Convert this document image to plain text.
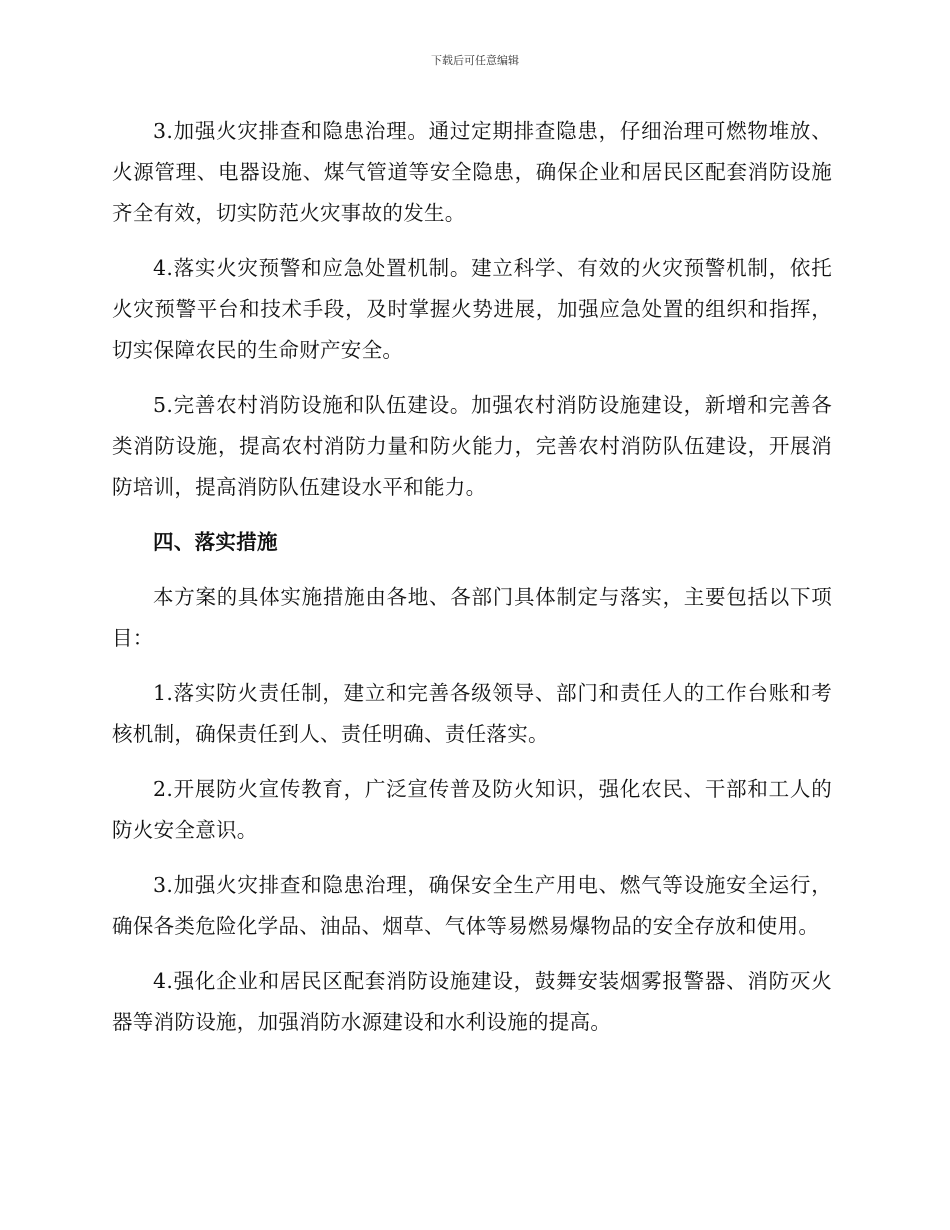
下载后可任意编辑

3.加强火灾排查和隐患治理。通过定期排查隐患，仔细治理可燃物堆放、火源管理、电器设施、煤气管道等安全隐患，确保企业和居民区配套消防设施齐全有效，切实防范火灾事故的发生。

4.落实火灾预警和应急处置机制。建立科学、有效的火灾预警机制，依托火灾预警平台和技术手段，及时掌握火势进展，加强应急处置的组织和指挥，切实保障农民的生命财产安全。

5.完善农村消防设施和队伍建设。加强农村消防设施建设，新增和完善各类消防设施，提高农村消防力量和防火能力，完善农村消防队伍建设，开展消防培训，提高消防队伍建设水平和能力。

四、落实措施

本方案的具体实施措施由各地、各部门具体制定与落实，主要包括以下项目：

1.落实防火责任制，建立和完善各级领导、部门和责任人的工作台账和考核机制，确保责任到人、责任明确、责任落实。

2.开展防火宣传教育，广泛宣传普及防火知识，强化农民、干部和工人的防火安全意识。

3.加强火灾排查和隐患治理，确保安全生产用电、燃气等设施安全运行，确保各类危险化学品、油品、烟草、气体等易燃易爆物品的安全存放和使用。

4.强化企业和居民区配套消防设施建设，鼓舞安装烟雾报警器、消防灭火器等消防设施，加强消防水源建设和水利设施的提高。
